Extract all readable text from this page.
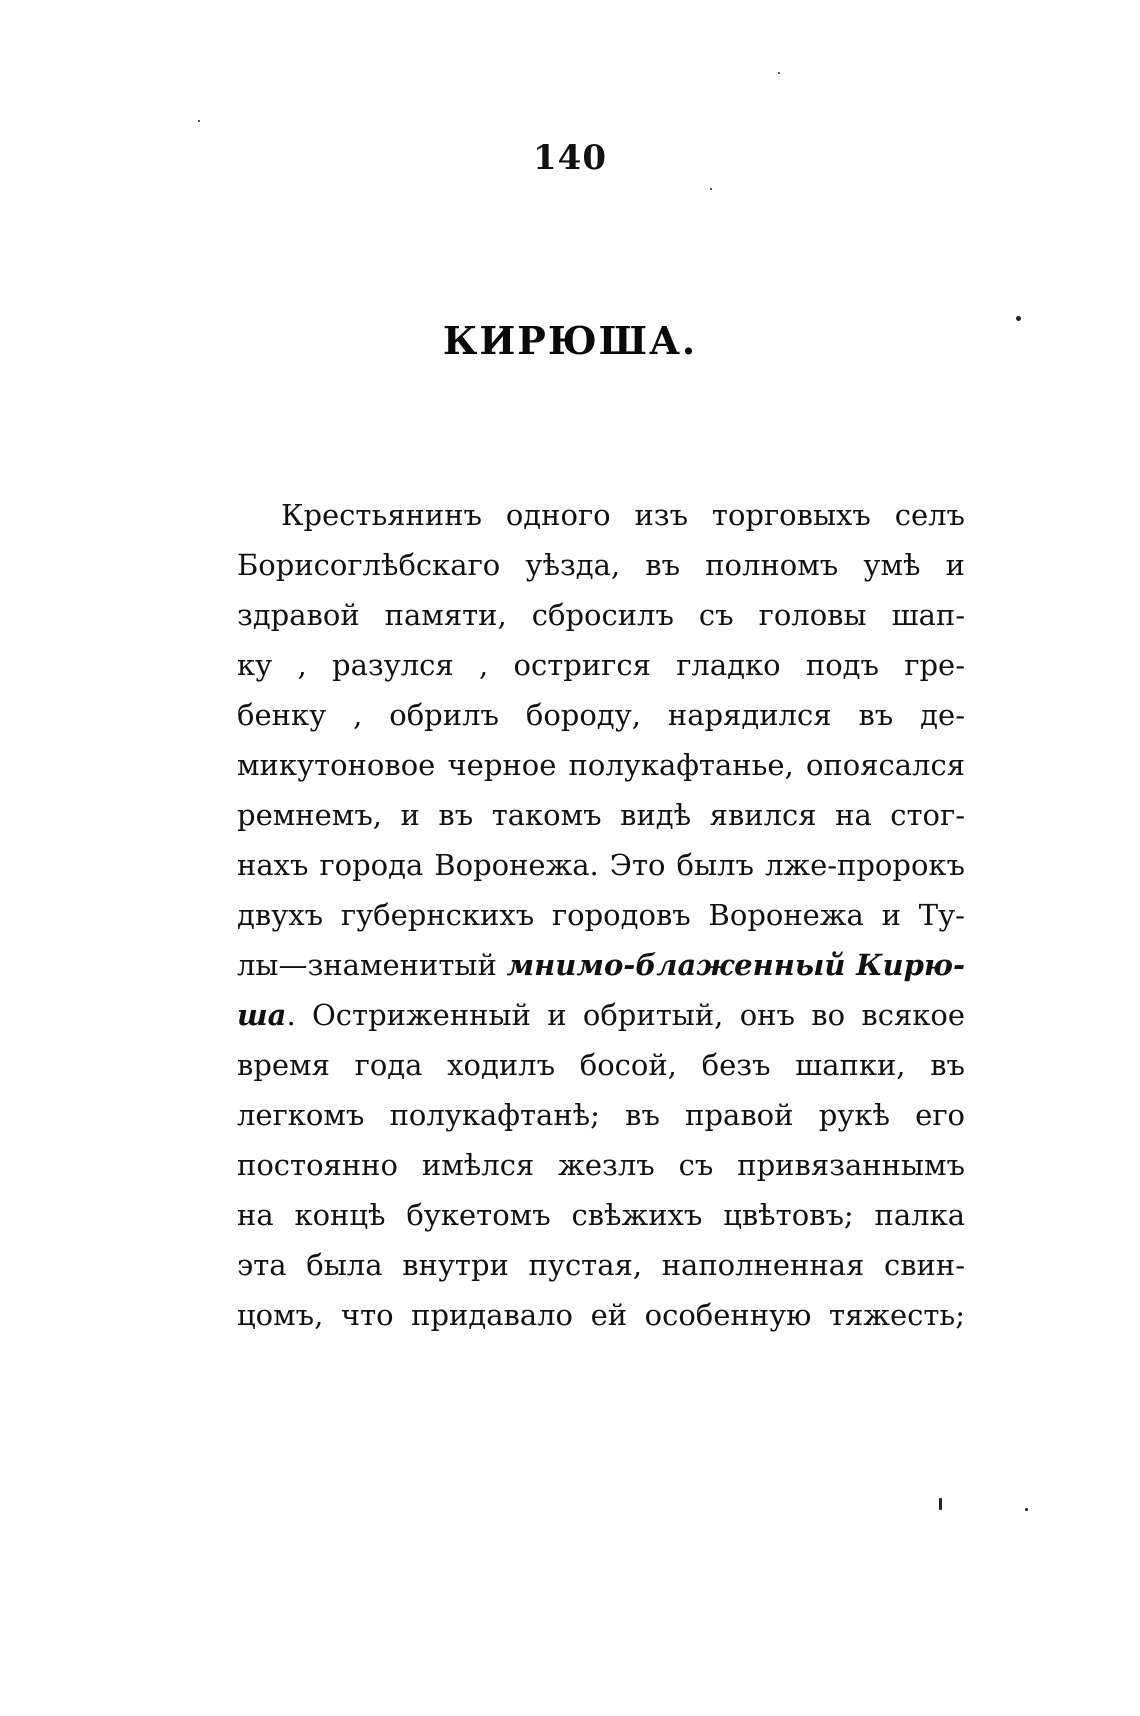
140
КИРЮША.
Крестьянинъ одного изъ торговыхъ селъ
Борисоглѣбскаго уѣзда, въ полномъ умѣ и
здравой памяти, сбросилъ съ головы шап-
ку , разулся , остригся гладко подъ гре-
бенку , обрилъ бороду, нарядился въ де-
микутоновое черное полукафтанье, опоясался
ремнемъ, и въ такомъ видѣ явился на стог-
нахъ города Воронежа. Это былъ лже-пророкъ
двухъ губернскихъ городовъ Воронежа и Ту-
лы—знаменитый мнимо-блаженный Кирю-
ша. Остриженный и обритый, онъ во всякое
время года ходилъ босой, безъ шапки, въ
легкомъ полукафтанѣ; въ правой рукѣ его
постоянно имѣлся жезлъ съ привязаннымъ
на концѣ букетомъ свѣжихъ цвѣтовъ; палка
эта была внутри пустая, наполненная свин-
цомъ, что придавало ей особенную тяжесть;
